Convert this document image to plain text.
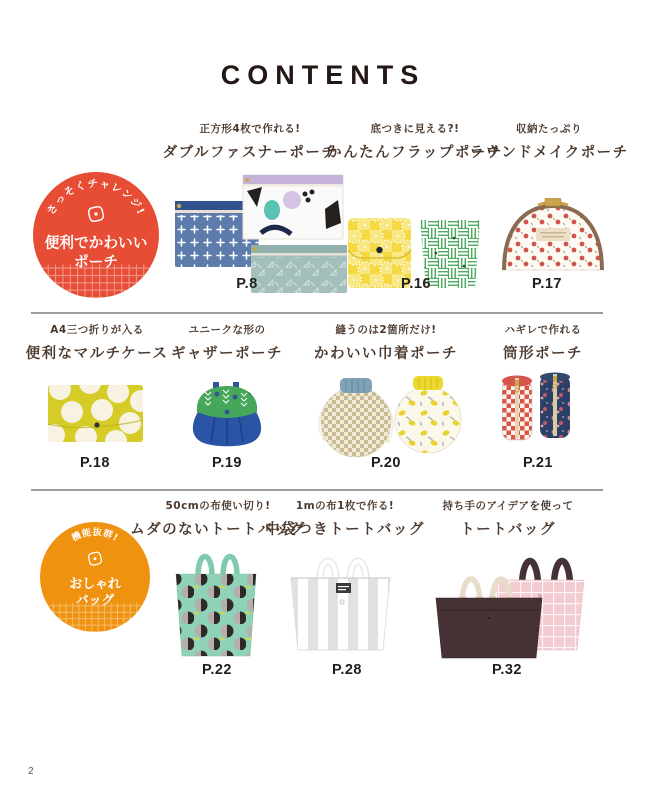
CONTENTS
さっそくチャレンジ!
便利でかわいい
ポーチ
正方形4枚で作れる!
ダブルファスナーポーチ
底つきに見える?!
かんたんフラップポーチ
収納たっぷり
ラウンドメイクポーチ
P.8	P.16	P.17
A4三つ折りが入る
便利なマルチケース
ユニークな形の
ギャザーポーチ
縫うのは2箇所だけ!
かわいい巾着ポーチ
ハギレで作れる
筒形ポーチ
P.18	P.19	P.20	P.21
機能抜群!
おしゃれ
バッグ
50cmの布使い切り!
ムダのないトートバッグ
1mの布1枚で作る!
中袋つきトートバッグ
持ち手のアイデアを使って
トートバッグ
P.22	P.28	P.32
2
